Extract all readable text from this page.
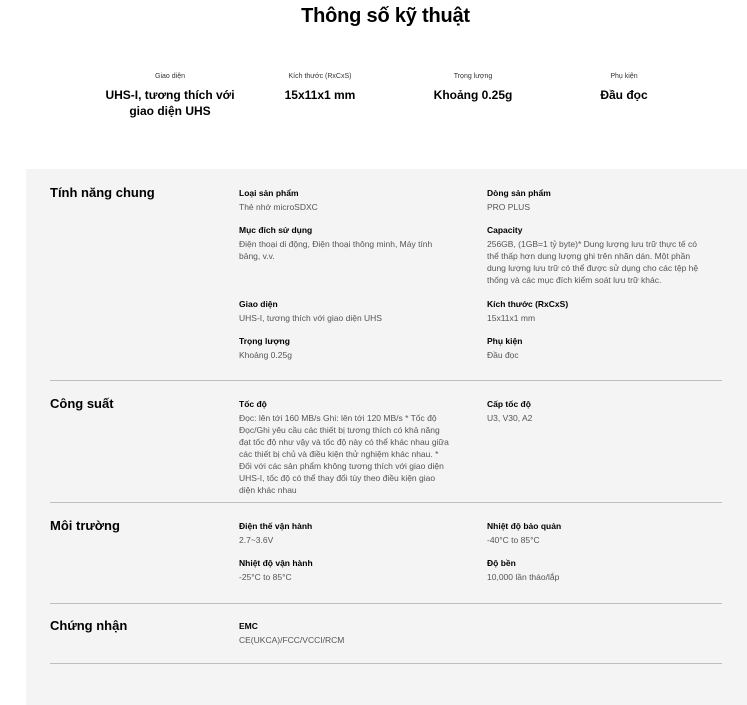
Thông số kỹ thuật
Giao diện
UHS-I, tương thích với giao diện UHS
Kích thước (RxCxS)
15x11x1 mm
Trọng lượng
Khoảng 0.25g
Phụ kiện
Đầu đọc
Tính năng chung	Loại sản phẩm
Thẻ nhớ microSDXC
Dòng sản phẩm
PRO PLUS
Mục đích sử dụng
Điện thoại di động, Điện thoại thông minh, Máy tính bảng, v.v.
Capacity
256GB, (1GB=1 tỷ byte)* Dung lượng lưu trữ thực tế có thể thấp hơn dung lượng ghi trên nhãn dán. Một phần dung lượng lưu trữ có thể được sử dụng cho các tệp hệ thống và các mục đích kiểm soát lưu trữ khác.
Giao diện
UHS-I, tương thích với giao diện UHS
Kích thước (RxCxS)
15x11x1 mm
Trọng lượng
Khoảng 0.25g
Phụ kiện
Đầu đọc
Công suất	Tốc độ
Đọc: lên tới 160 MB/s Ghi: lên tới 120 MB/s * Tốc độ Đọc/Ghi yêu cầu các thiết bị tương thích có khả năng đạt tốc độ như vậy và tốc độ này có thể khác nhau giữa các thiết bị chủ và điều kiện thử nghiệm khác nhau. * Đối với các sản phẩm không tương thích với giao diện UHS-I, tốc độ có thể thay đổi tùy theo điều kiện giao diện khác nhau
Cấp tốc độ
U3, V30, A2
Môi trường	Điện thế vận hành
2.7~3.6V
Nhiệt độ bảo quản
-40°C to 85°C
Nhiệt độ vận hành
-25°C to 85°C
Độ bền
10,000 lần tháo/lắp
Chứng nhận	EMC
CE(UKCA)/FCC/VCCI/RCM
